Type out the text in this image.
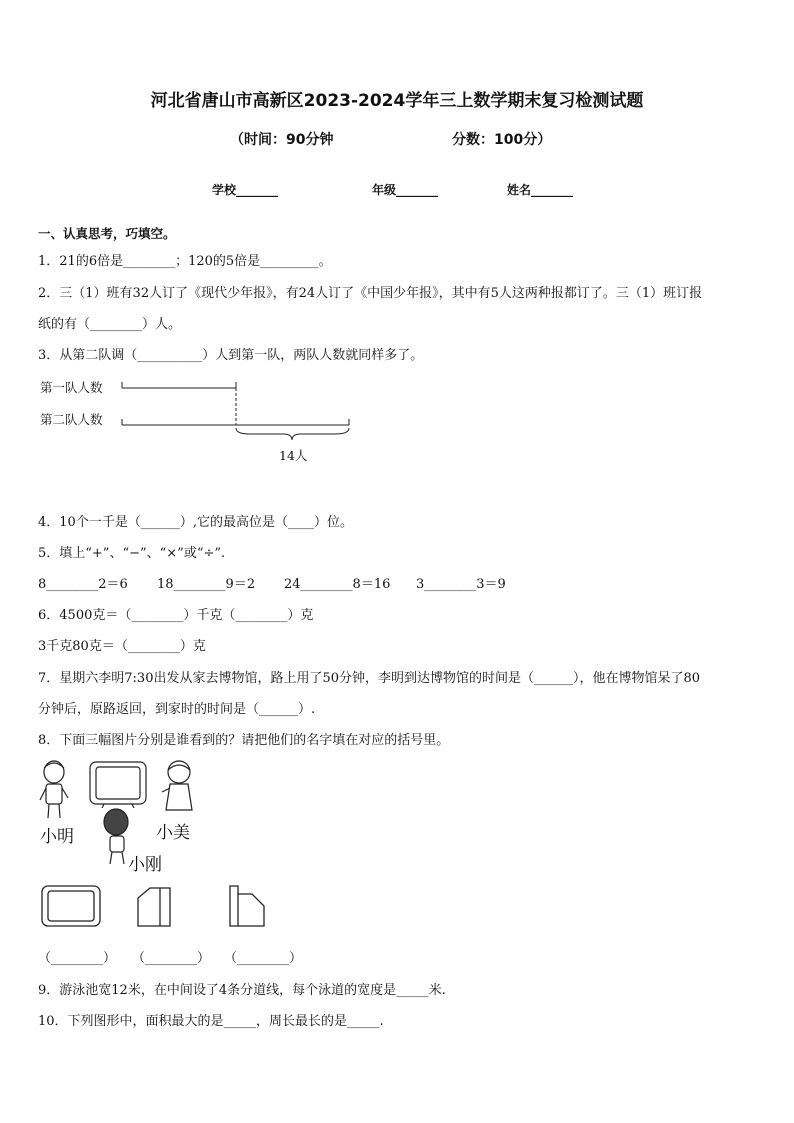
河北省唐山市高新区2023-2024学年三上数学期末复习检测试题
（时间：90分钟	分数：100分）
学校_______	年级_______	姓名_______
一、认真思考，巧填空。
1．21的6倍是________；120的5倍是_________。
2．三（1）班有32人订了《现代少年报》，有24人订了《中国少年报》，其中有5人这两种报都订了。三（1）班订报
纸的有（________）人。
3．从第二队调（__________）人到第一队，两队人数就同样多了。
第一队人数
第二队人数
14人
4．10个一千是（______）,它的最高位是（____）位。
5．填上“+”、“−”、“×”或“÷”.
8________2＝6 18________9＝2 24________8＝16 3________3＝9
6．4500克＝（________）千克（________）克
3千克80克＝（________）克
7．星期六李明7:30出发从家去博物馆，路上用了50分钟，李明到达博物馆的时间是（______），他在博物馆呆了80
分钟后，原路返回，到家时的时间是（______）.
8．下面三幅图片分别是谁看到的？请把他们的名字填在对应的括号里。
小明	小美
小刚
（________） （________） （________）
9．游泳池宽12米，在中间设了4条分道线，每个泳道的宽度是_____米.
10．下列图形中，面积最大的是_____，周长最长的是_____.
